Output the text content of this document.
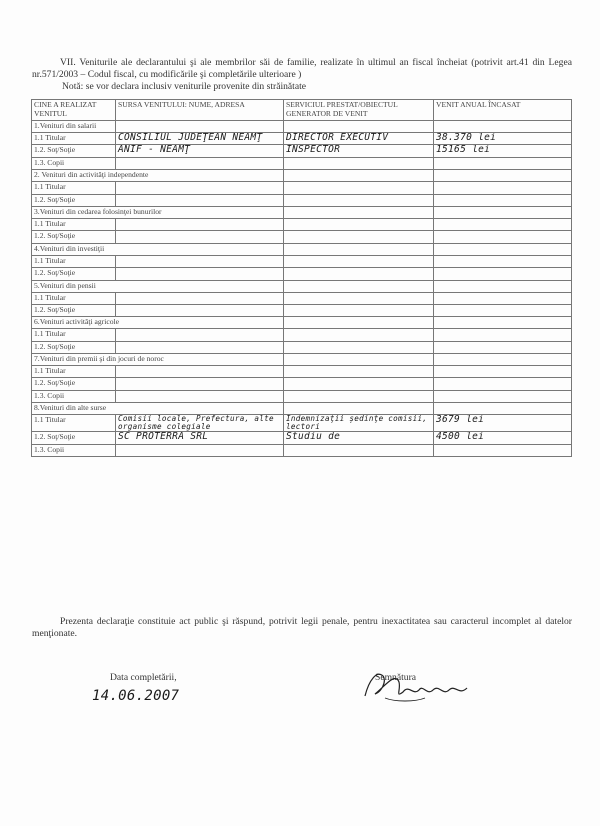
VII. Veniturile ale declarantului şi ale membrilor săi de familie, realizate în ultimul an fiscal încheiat (potrivit art.41 din Legea nr.571/2003 – Codul fiscal, cu modificările şi completările ulterioare )

Notă: se vor declara inclusiv veniturile provenite din străinătate

CINE A REALIZAT VENITUL	SURSA VENITULUI: NUME, ADRESA	SERVICIUL PRESTAT/OBIECTUL GENERATOR DE VENIT	VENIT ANUAL ÎNCASAT
1.Venituri din salarii			
1.1 Titular	CONSILIUL JUDEŢEAN NEAMŢ	DIRECTOR EXECUTIV	38.370 lei
1.2. Soţ/Soţie	ANIF - NEAMŢ	INSPECTOR	15165 lei
1.3. Copii			
2. Venituri din activităţi independente			
1.1 Titular			
1.2. Soţ/Soţie			
3.Venituri din cedarea folosinţei bunurilor			
1.1 Titular			
1.2. Soţ/Soţie			
4.Venituri din investiţii			
1.1 Titular			
1.2. Soţ/Soţie			
5.Venituri din pensii			
1.1 Titular			
1.2. Soţ/Soţie			
6.Venituri activităţi agricole			
1.1 Titular			
1.2. Soţ/Soţie			
7.Venituri din premii şi din jocuri de noroc			
1.1 Titular			
1.2. Soţ/Soţie			
1.3. Copii			
8.Venituri din alte surse			
1.1 Titular	Comisii locale, Prefectura, alte organisme colegiale	Indemnizaţii ședinţe comisii, lectori	3679 lei
1.2. Soţ/Soţie	SC PROTERRA SRL	Studiu de	4500 lei
1.3. Copii			

Prezenta declaraţie constituie act public şi răspund, potrivit legii penale, pentru inexactitatea sau caracterul incomplet al datelor menţionate.

Data completării,
14.06.2007
Semnătura
